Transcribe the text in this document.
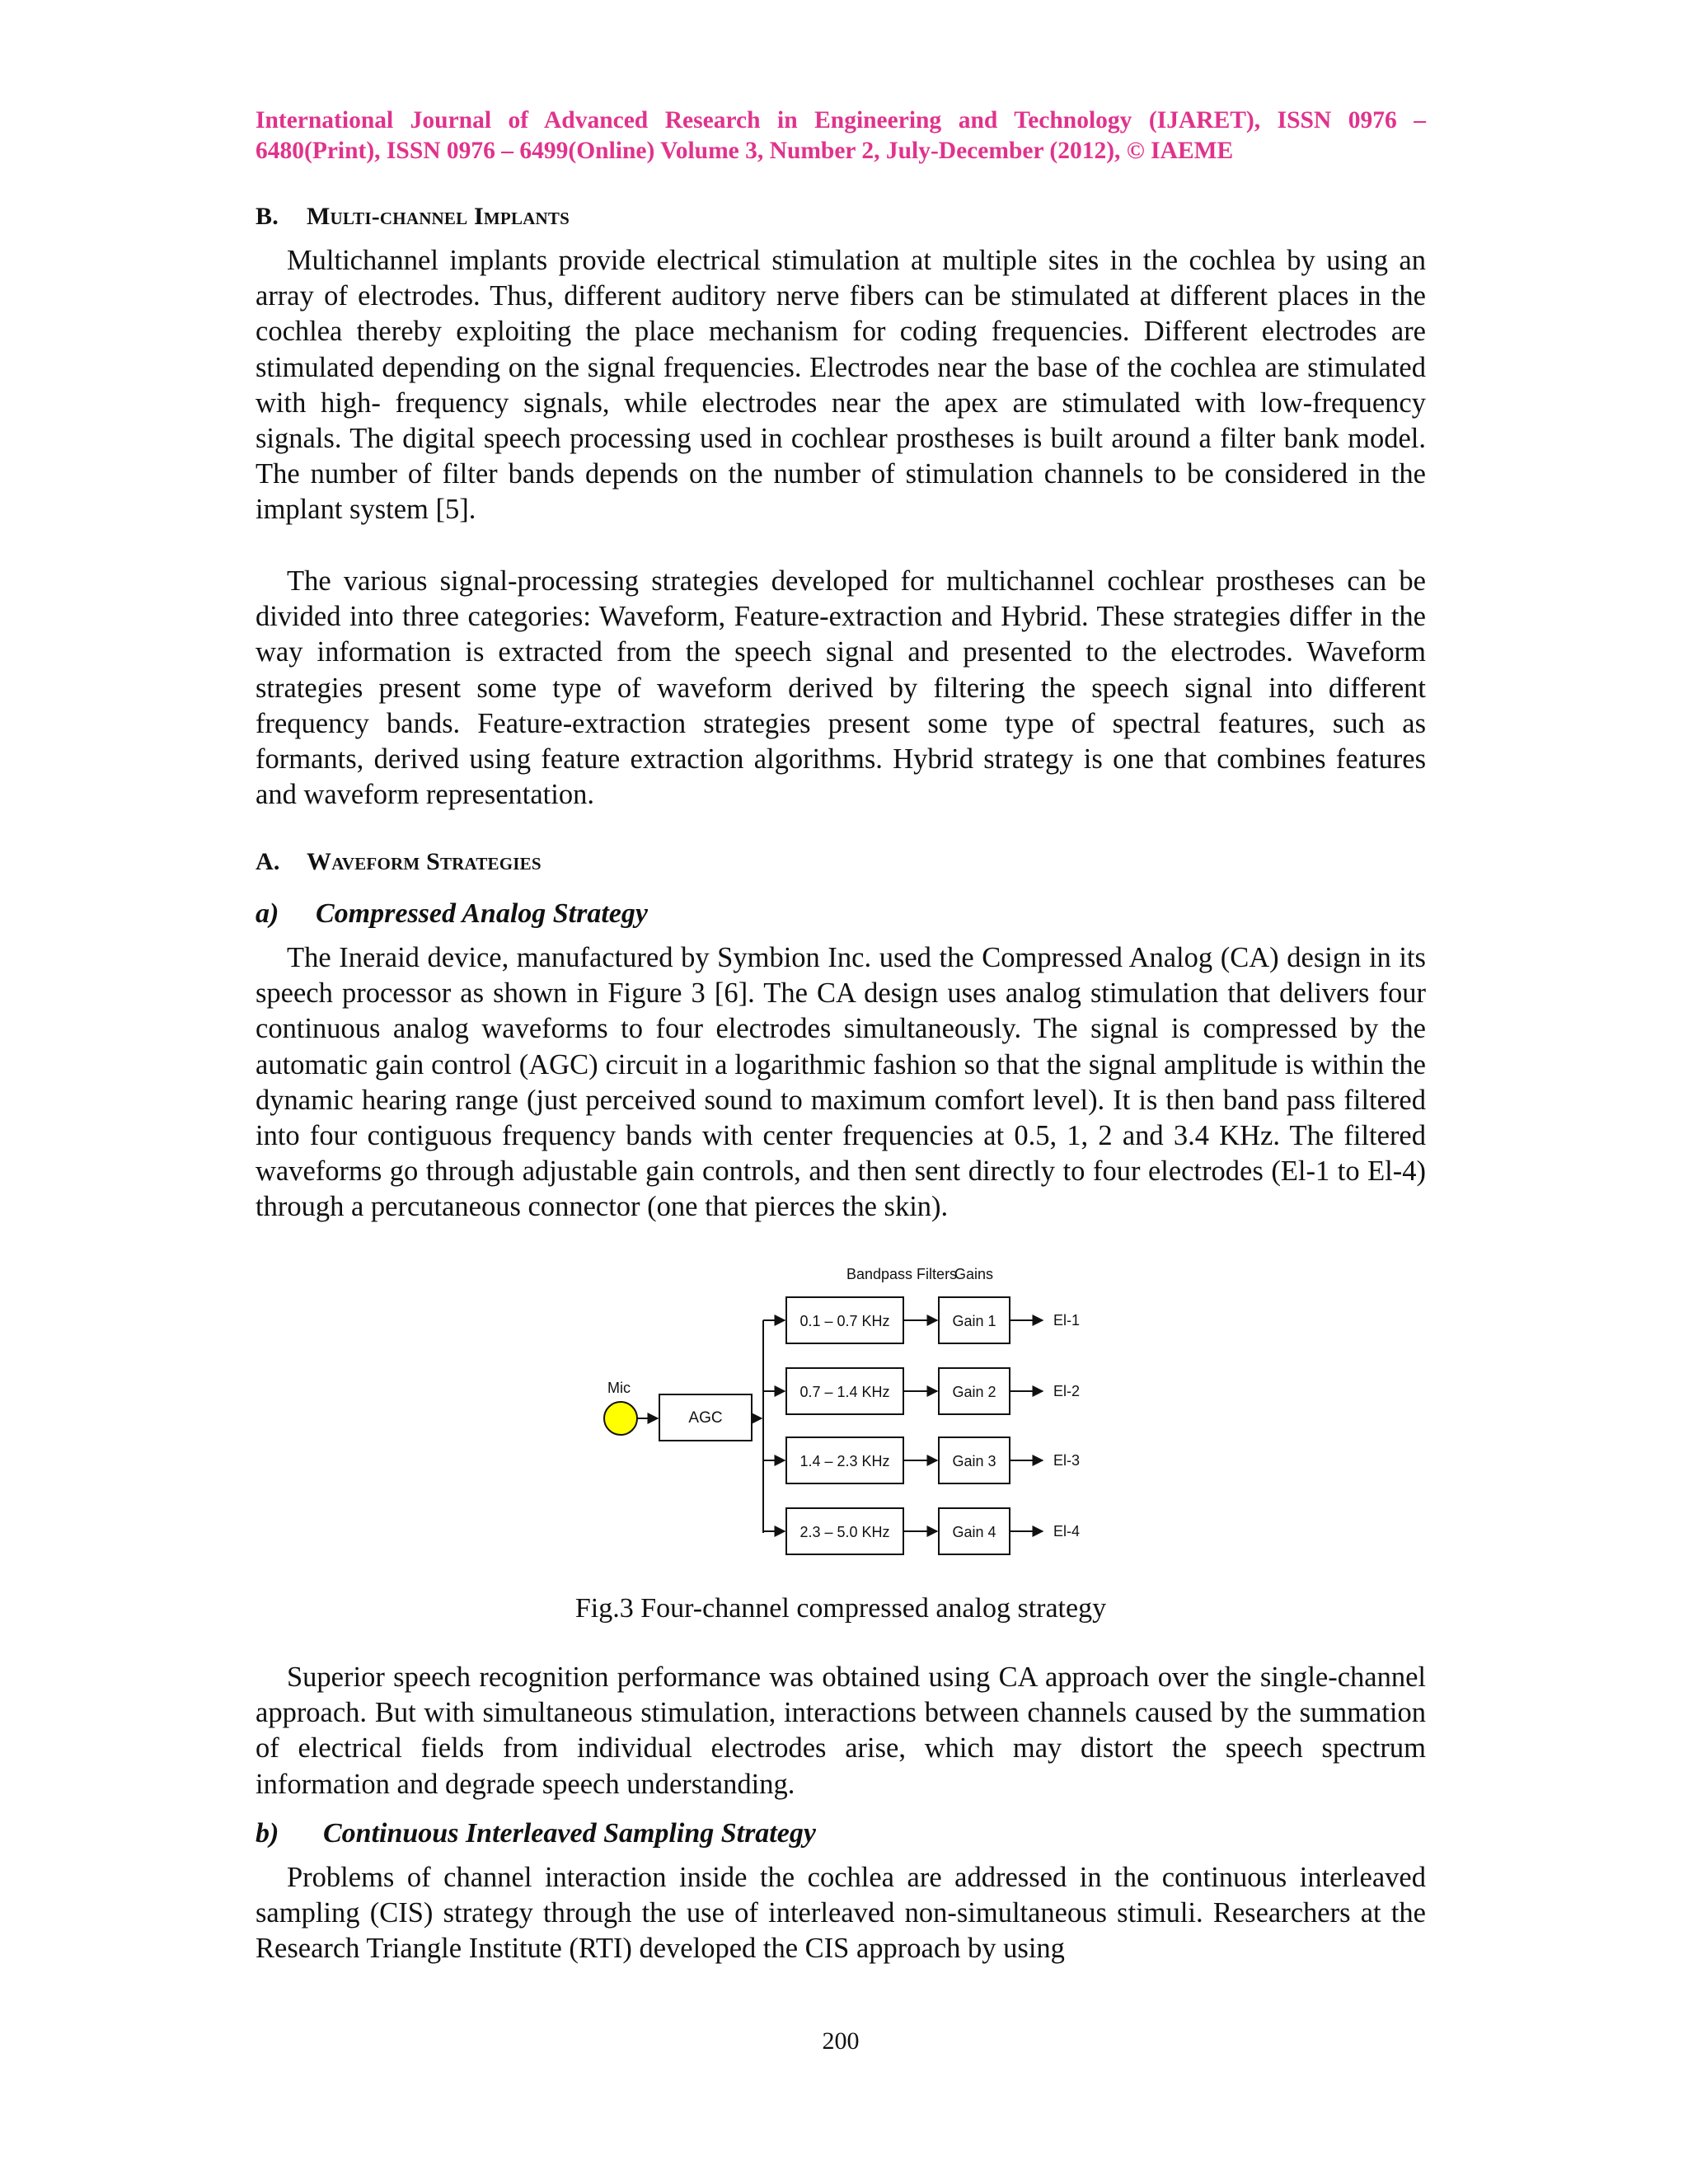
International Journal of Advanced Research in Engineering and Technology (IJARET), ISSN 0976 – 6480(Print), ISSN 0976 – 6499(Online) Volume 3, Number 2, July-December (2012), © IAEME
B. Multi-channel Implants

Multichannel implants provide electrical stimulation at multiple sites in the cochlea by using an array of electrodes. Thus, different auditory nerve fibers can be stimulated at different places in the cochlea thereby exploiting the place mechanism for coding frequencies. Different electrodes are stimulated depending on the signal frequencies. Electrodes near the base of the cochlea are stimulated with high- frequency signals, while electrodes near the apex are stimulated with low-frequency signals. The digital speech processing used in cochlear prostheses is built around a filter bank model. The number of filter bands depends on the number of stimulation channels to be considered in the implant system [5].

The various signal-processing strategies developed for multichannel cochlear prostheses can be divided into three categories: Waveform, Feature-extraction and Hybrid. These strategies differ in the way information is extracted from the speech signal and presented to the electrodes. Waveform strategies present some type of waveform derived by filtering the speech signal into different frequency bands. Feature-extraction strategies present some type of spectral features, such as formants, derived using feature extraction algorithms. Hybrid strategy is one that combines features and waveform representation.

A. Waveform Strategies
a) Compressed Analog Strategy

The Ineraid device, manufactured by Symbion Inc. used the Compressed Analog (CA) design in its speech processor as shown in Figure 3 [6]. The CA design uses analog stimulation that delivers four continuous analog waveforms to four electrodes simultaneously. The signal is compressed by the automatic gain control (AGC) circuit in a logarithmic fashion so that the signal amplitude is within the dynamic hearing range (just perceived sound to maximum comfort level). It is then band pass filtered into four contiguous frequency bands with center frequencies at 0.5, 1, 2 and 3.4 KHz. The filtered waveforms go through adjustable gain controls, and then sent directly to four electrodes (El-1 to El-4) through a percutaneous connector (one that pierces the skin).

Bandpass Filters
Gains
Mic
AGC
0.1 – 0.7 KHz	Gain 1	El-1
0.7 – 1.4 KHz	Gain 2	El-2
1.4 – 2.3 KHz	Gain 3	El-3
2.3 – 5.0 KHz	Gain 4	El-4
Fig.3 Four-channel compressed analog strategy

Superior speech recognition performance was obtained using CA approach over the single-channel approach. But with simultaneous stimulation, interactions between channels caused by the summation of electrical fields from individual electrodes arise, which may distort the speech spectrum information and degrade speech understanding.

b) Continuous Interleaved Sampling Strategy

Problems of channel interaction inside the cochlea are addressed in the continuous interleaved sampling (CIS) strategy through the use of interleaved non-simultaneous stimuli. Researchers at the Research Triangle Institute (RTI) developed the CIS approach by using

200
